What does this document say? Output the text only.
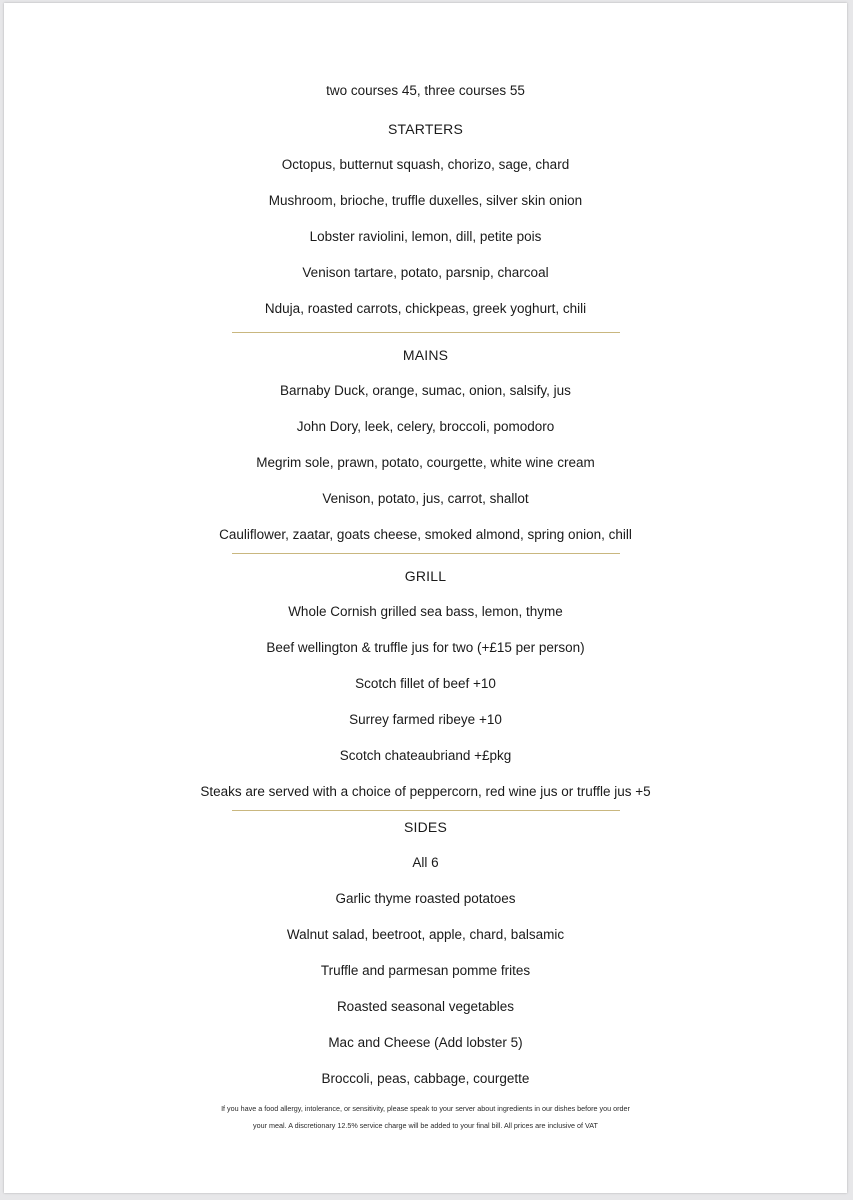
two courses 45, three courses 55
STARTERS
Octopus, butternut squash, chorizo, sage, chard
Mushroom, brioche, truffle duxelles, silver skin onion
Lobster raviolini, lemon, dill, petite pois
Venison tartare, potato, parsnip, charcoal
Nduja, roasted carrots, chickpeas, greek yoghurt, chili
MAINS
Barnaby Duck, orange, sumac, onion, salsify, jus
John Dory, leek, celery, broccoli, pomodoro
Megrim sole, prawn, potato, courgette, white wine cream
Venison, potato, jus, carrot, shallot
Cauliflower, zaatar, goats cheese, smoked almond, spring onion, chill
GRILL
Whole Cornish grilled sea bass, lemon, thyme
Beef wellington & truffle jus for two (+£15 per person)
Scotch fillet of beef +10
Surrey farmed ribeye +10
Scotch chateaubriand +£pkg
Steaks are served with a choice of peppercorn, red wine jus or truffle jus +5
SIDES
All 6
Garlic thyme roasted potatoes
Walnut salad, beetroot, apple, chard, balsamic
Truffle and parmesan pomme frites
Roasted seasonal vegetables
Mac and Cheese (Add lobster 5)
Broccoli, peas, cabbage, courgette
If you have a food allergy, intolerance, or sensitivity, please speak to your server about ingredients in our dishes before you order
your meal. A discretionary 12.5% service charge will be added to your final bill. All prices are inclusive of VAT
